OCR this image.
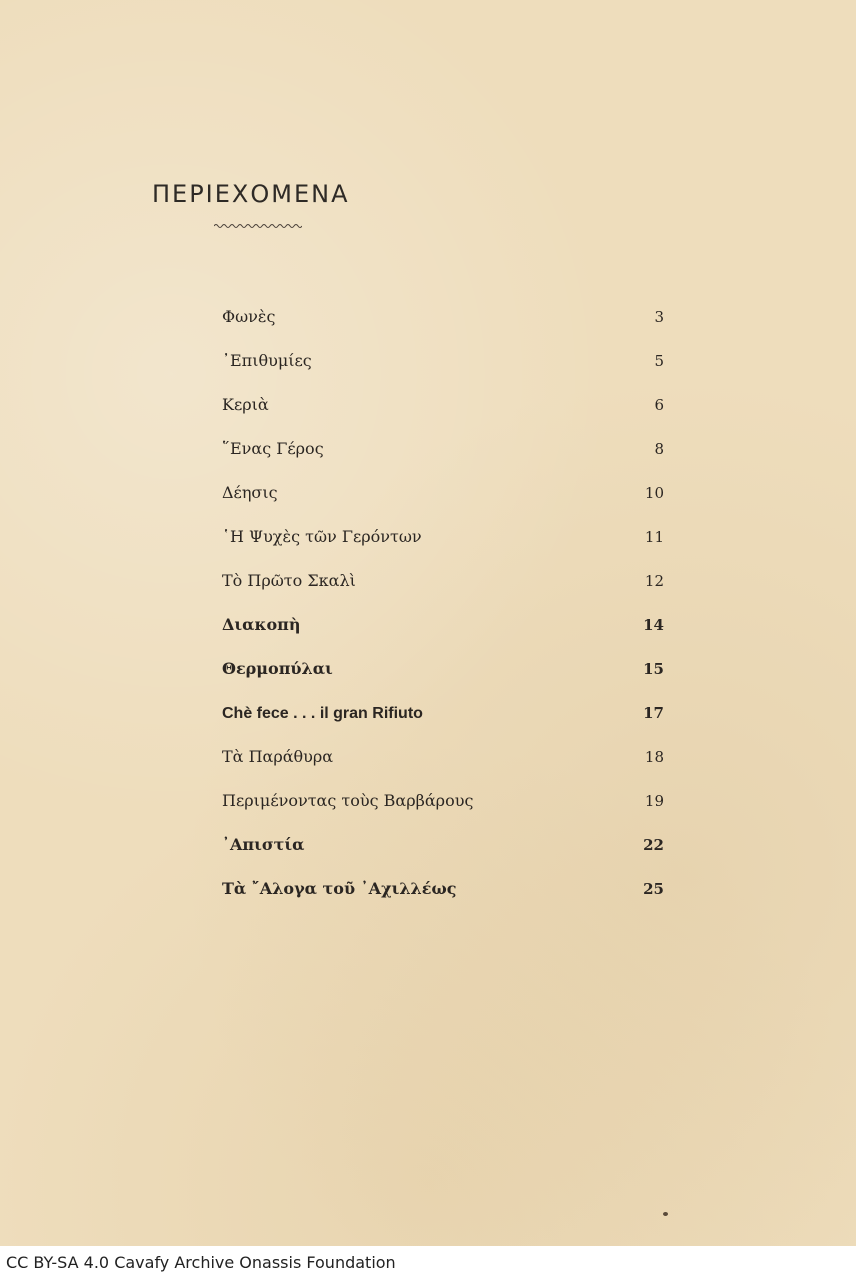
ΠΕΡΙΕΧΟΜΕΝΑ
Φωνὲς	3
᾿Επιθυμίες	5
Κεριὰ	6
῞Ενας Γέρος	8
Δέησις	10
῾Η Ψυχὲς τῶν Γερόντων	11
Τὸ Πρῶτο Σκαλὶ	12
Διακοπὴ	14
Θερμοπύλαι	15
Chè fece . . . il gran Rifiuto	17
Τὰ Παράθυρα	18
Περιμένοντας τοὺς Βαρβάρους	19
᾿Απιστία	22
Τὰ ῎Αλογα τοῦ ᾿Αχιλλέως	25
CC BY-SA 4.0 Cavafy Archive Onassis Foundation
